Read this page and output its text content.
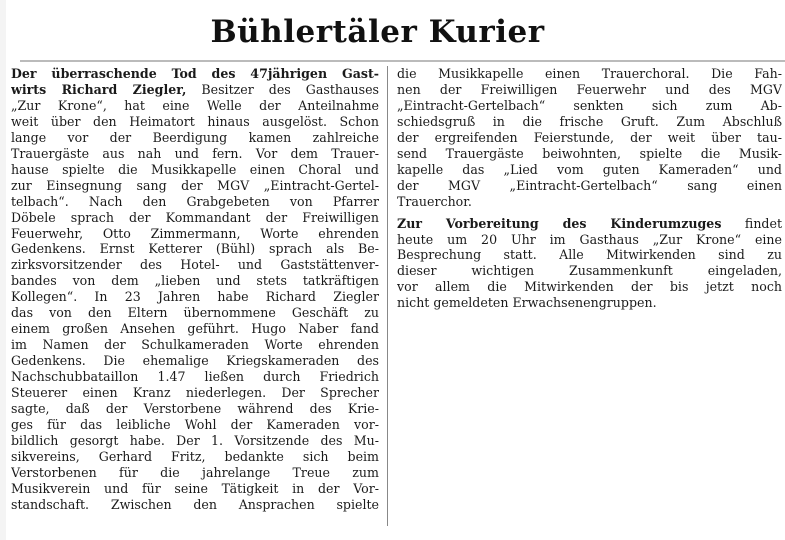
Bühlertäler Kurier
Der überraschende Tod des 47jährigen Gast-
wirts Richard Ziegler, Besitzer des Gasthauses
„Zur Krone“, hat eine Welle der Anteilnahme
weit über den Heimatort hinaus ausgelöst. Schon
lange vor der Beerdigung kamen zahlreiche
Trauergäste aus nah und fern. Vor dem Trauer-
hause spielte die Musikkapelle einen Choral und
zur Einsegnung sang der MGV „Eintracht-Gertel-
telbach“. Nach den Grabgebeten von Pfarrer
Döbele sprach der Kommandant der Freiwilligen
Feuerwehr, Otto Zimmermann, Worte ehrenden
Gedenkens. Ernst Ketterer (Bühl) sprach als Be-
zirksvorsitzender des Hotel- und Gaststättenver-
bandes von dem „lieben und stets tatkräftigen
Kollegen“. In 23 Jahren habe Richard Ziegler
das von den Eltern übernommene Geschäft zu
einem großen Ansehen geführt. Hugo Naber fand
im Namen der Schulkameraden Worte ehrenden
Gedenkens. Die ehemalige Kriegskameraden des
Nachschubbataillon 1.47 ließen durch Friedrich
Steuerer einen Kranz niederlegen. Der Sprecher
sagte, daß der Verstorbene während des Krie-
ges für das leibliche Wohl der Kameraden vor-
bildlich gesorgt habe. Der 1. Vorsitzende des Mu-
sikvereins, Gerhard Fritz, bedankte sich beim
Verstorbenen für die jahrelange Treue zum
Musikverein und für seine Tätigkeit in der Vor-
standschaft. Zwischen den Ansprachen spielte
die Musikkapelle einen Trauerchoral. Die Fah-
nen der Freiwilligen Feuerwehr und des MGV
„Eintracht-Gertelbach“ senkten sich zum Ab-
schiedsgruß in die frische Gruft. Zum Abschluß
der ergreifenden Feierstunde, der weit über tau-
send Trauergäste beiwohnten, spielte die Musik-
kapelle das „Lied vom guten Kameraden“ und
der MGV „Eintracht-Gertelbach“ sang einen
Trauerchor.
Zur Vorbereitung des Kinderumzuges findet
heute um 20 Uhr im Gasthaus „Zur Krone“ eine
Besprechung statt. Alle Mitwirkenden sind zu
dieser wichtigen Zusammenkunft eingeladen,
vor allem die Mitwirkenden der bis jetzt noch
nicht gemeldeten Erwachsenengruppen.
